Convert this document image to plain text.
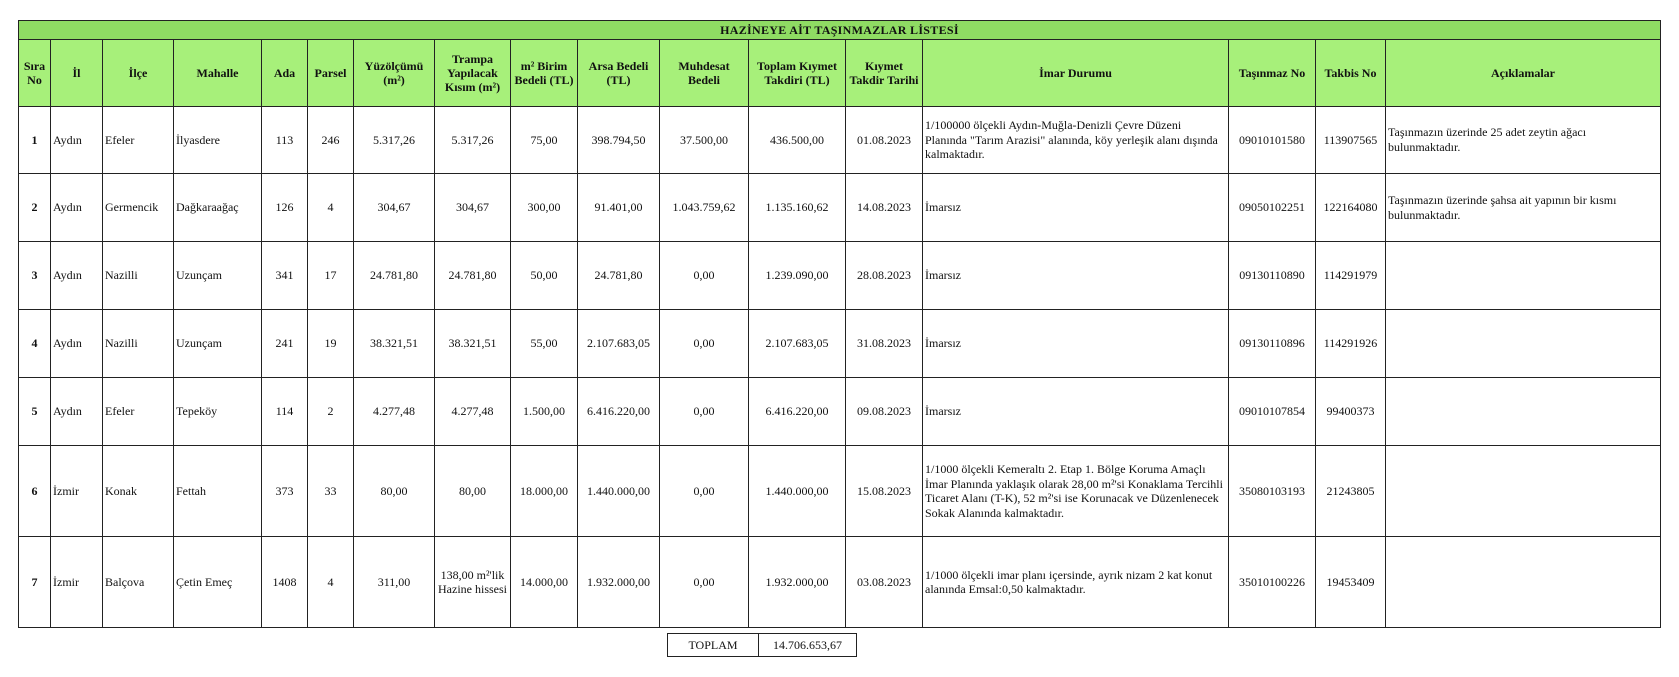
HAZİNEYE AİT TAŞINMAZLAR LİSTESİ																
Sıra No	İl	İlçe	Mahalle	Ada	Parsel	Yüzölçümü (m²)	Trampa Yapılacak Kısım (m²)	m² Birim Bedeli (TL)	Arsa Bedeli (TL)	Muhdesat Bedeli	Toplam Kıymet Takdiri (TL)	Kıymet Takdir Tarihi	İmar Durumu	Taşınmaz No	Takbis No	Açıklamalar
1	Aydın	Efeler	İlyasdere	113	246	5.317,26	5.317,26	75,00	398.794,50	37.500,00	436.500,00	01.08.2023	1/100000 ölçekli Aydın-Muğla-Denizli Çevre Düzeni Planında "Tarım Arazisi" alanında, köy yerleşik alanı dışında kalmaktadır.	09010101580	113907565	Taşınmazın üzerinde 25 adet zeytin ağacı bulunmaktadır.
2	Aydın	Germencik	Dağkaraağaç	126	4	304,67	304,67	300,00	91.401,00	1.043.759,62	1.135.160,62	14.08.2023	İmarsız	09050102251	122164080	Taşınmazın üzerinde şahsa ait yapının bir kısmı bulunmaktadır.
3	Aydın	Nazilli	Uzunçam	341	17	24.781,80	24.781,80	50,00	24.781,80	0,00	1.239.090,00	28.08.2023	İmarsız	09130110890	114291979	
4	Aydın	Nazilli	Uzunçam	241	19	38.321,51	38.321,51	55,00	2.107.683,05	0,00	2.107.683,05	31.08.2023	İmarsız	09130110896	114291926	
5	Aydın	Efeler	Tepeköy	114	2	4.277,48	4.277,48	1.500,00	6.416.220,00	0,00	6.416.220,00	09.08.2023	İmarsız	09010107854	99400373	
6	İzmir	Konak	Fettah	373	33	80,00	80,00	18.000,00	1.440.000,00	0,00	1.440.000,00	15.08.2023	1/1000 ölçekli Kemeraltı 2. Etap 1. Bölge Koruma Amaçlı İmar Planında yaklaşık olarak 28,00 m²'si Konaklama Tercihli Ticaret Alanı (T-K), 52 m²'si ise Korunacak ve Düzenlenecek Sokak Alanında kalmaktadır.	35080103193	21243805	
7	İzmir	Balçova	Çetin Emeç	1408	4	311,00	138,00 m²'lik Hazine hissesi	14.000,00	1.932.000,00	0,00	1.932.000,00	03.08.2023	1/1000 ölçekli imar planı içersinde, ayrık nizam 2 kat konut alanında Emsal:0,50 kalmaktadır.	35010100226	19453409	
TOPLAM	14.706.653,67
